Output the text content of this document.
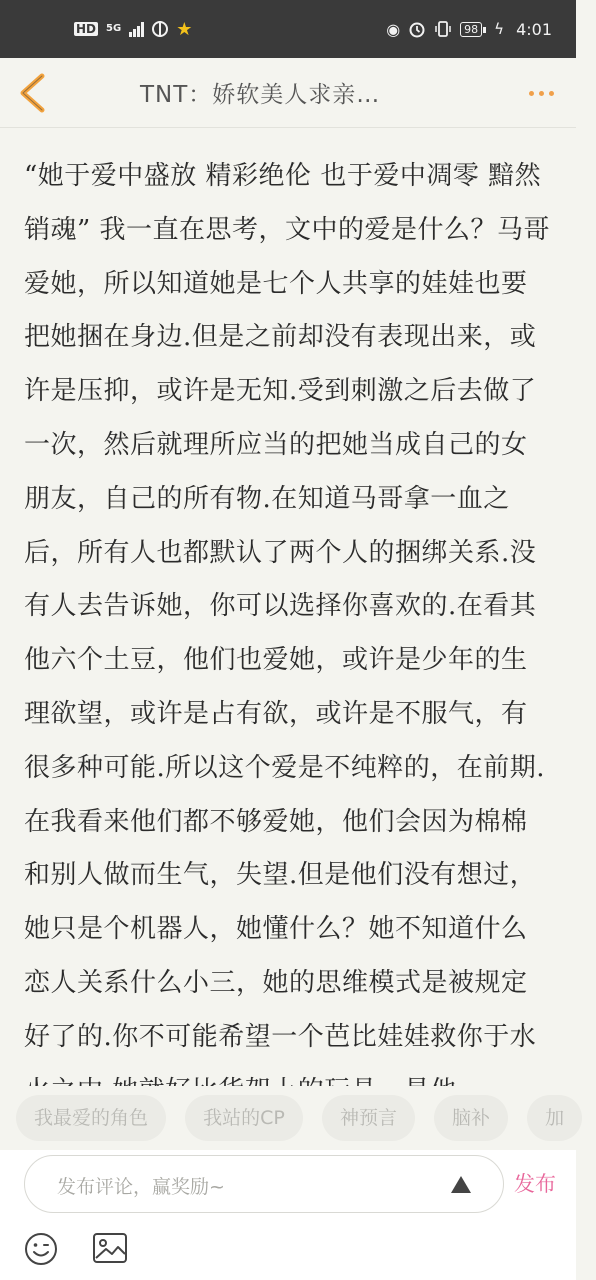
HD 5G	★	◉	98 ϟ 4:01
TNT：娇软美人求亲…

“她于爱中盛放 精彩绝伦 也于爱中凋零 黯然销魂” 我一直在思考，文中的爱是什么？马哥爱她，所以知道她是七个人共享的娃娃也要把她捆在身边.但是之前却没有表现出来，或许是压抑，或许是无知.受到刺激之后去做了一次，然后就理所应当的把她当成自己的女朋友，自己的所有物.在知道马哥拿一血之后，所有人也都默认了两个人的捆绑关系.没有人去告诉她，你可以选择你喜欢的.在看其他六个土豆，他们也爱她，或许是少年的生理欲望，或许是占有欲，或许是不服气，有很多种可能.所以这个爱是不纯粹的，在前期.在我看来他们都不够爱她，他们会因为棉棉和别人做而生气，失望.但是他们没有想过，她只是个机器人，她懂什么？她不知道什么恋人关系什么小三，她的思维模式是被规定好了的.你不可能希望一个芭比娃娃救你于水

我最爱的角色	我站的CP	神预言	脑补	加
发布评论，赢奖励~	发布
